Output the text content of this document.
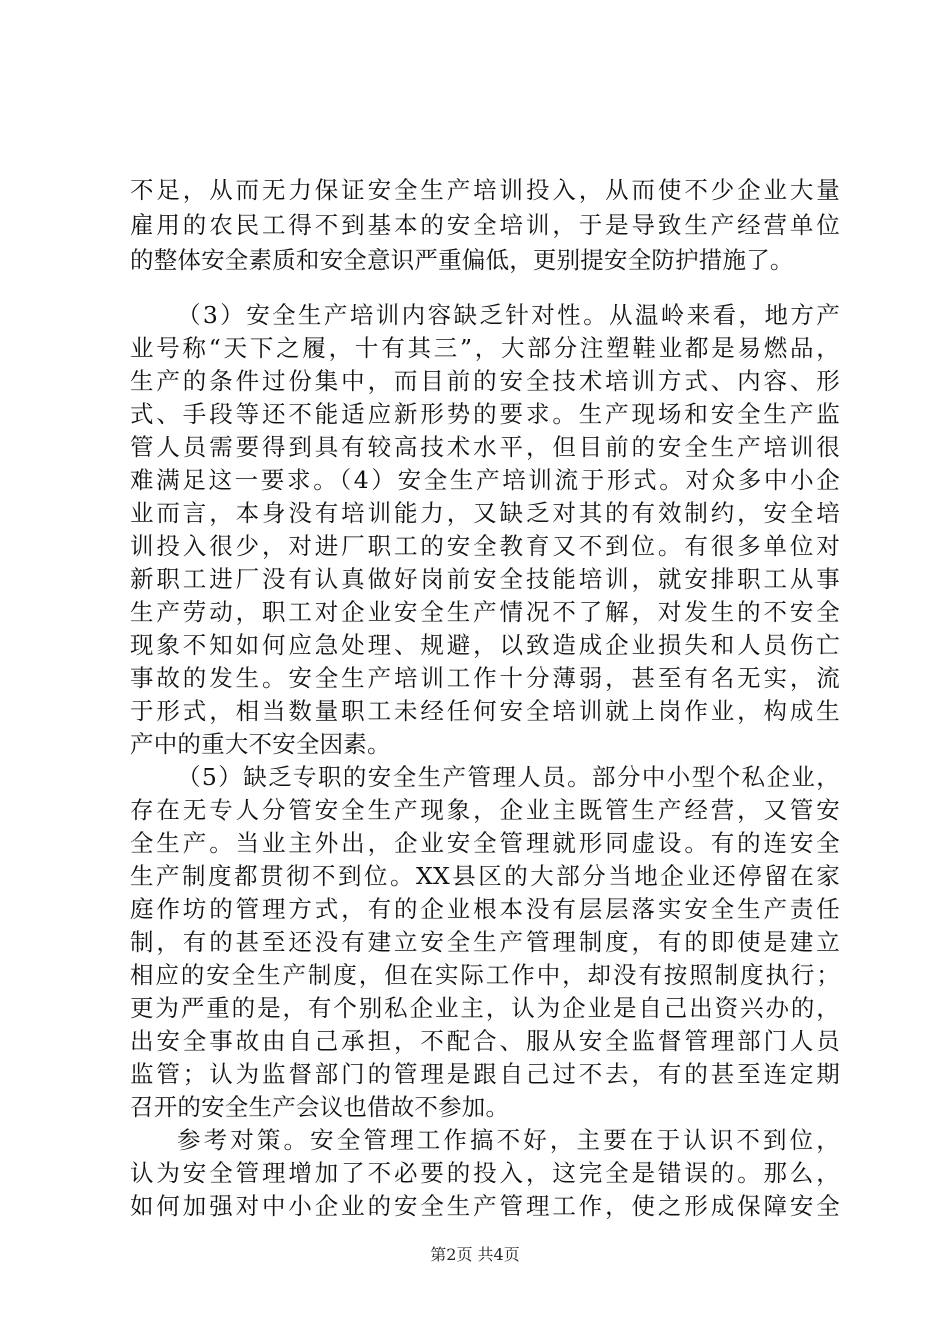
不足，从而无力保证安全生产培训投入，从而使不少企业大量
雇用的农民工得不到基本的安全培训，于是导致生产经营单位
的整体安全素质和安全意识严重偏低，更别提安全防护措施了。
（3）安全生产培训内容缺乏针对性。从温岭来看，地方产
业号称“天下之履，十有其三”，大部分注塑鞋业都是易燃品，
生产的条件过份集中，而目前的安全技术培训方式、内容、形
式、手段等还不能适应新形势的要求。生产现场和安全生产监
管人员需要得到具有较高技术水平，但目前的安全生产培训很
难满足这一要求。（4）安全生产培训流于形式。对众多中小企
业而言，本身没有培训能力，又缺乏对其的有效制约，安全培
训投入很少，对进厂职工的安全教育又不到位。有很多单位对
新职工进厂没有认真做好岗前安全技能培训，就安排职工从事
生产劳动，职工对企业安全生产情况不了解，对发生的不安全
现象不知如何应急处理、规避，以致造成企业损失和人员伤亡
事故的发生。安全生产培训工作十分薄弱，甚至有名无实，流
于形式，相当数量职工未经任何安全培训就上岗作业，构成生
产中的重大不安全因素。
（5）缺乏专职的安全生产管理人员。部分中小型个私企业，
存在无专人分管安全生产现象，企业主既管生产经营，又管安
全生产。当业主外出，企业安全管理就形同虚设。有的连安全
生产制度都贯彻不到位。XX县区的大部分当地企业还停留在家
庭作坊的管理方式，有的企业根本没有层层落实安全生产责任
制，有的甚至还没有建立安全生产管理制度，有的即使是建立
相应的安全生产制度，但在实际工作中，却没有按照制度执行；
更为严重的是，有个别私企业主，认为企业是自己出资兴办的，
出安全事故由自己承担，不配合、服从安全监督管理部门人员
监管；认为监督部门的管理是跟自己过不去，有的甚至连定期
召开的安全生产会议也借故不参加。
参考对策。安全管理工作搞不好，主要在于认识不到位，
认为安全管理增加了不必要的投入，这完全是错误的。那么，
如何加强对中小企业的安全生产管理工作，使之形成保障安全
第2页 共4页
